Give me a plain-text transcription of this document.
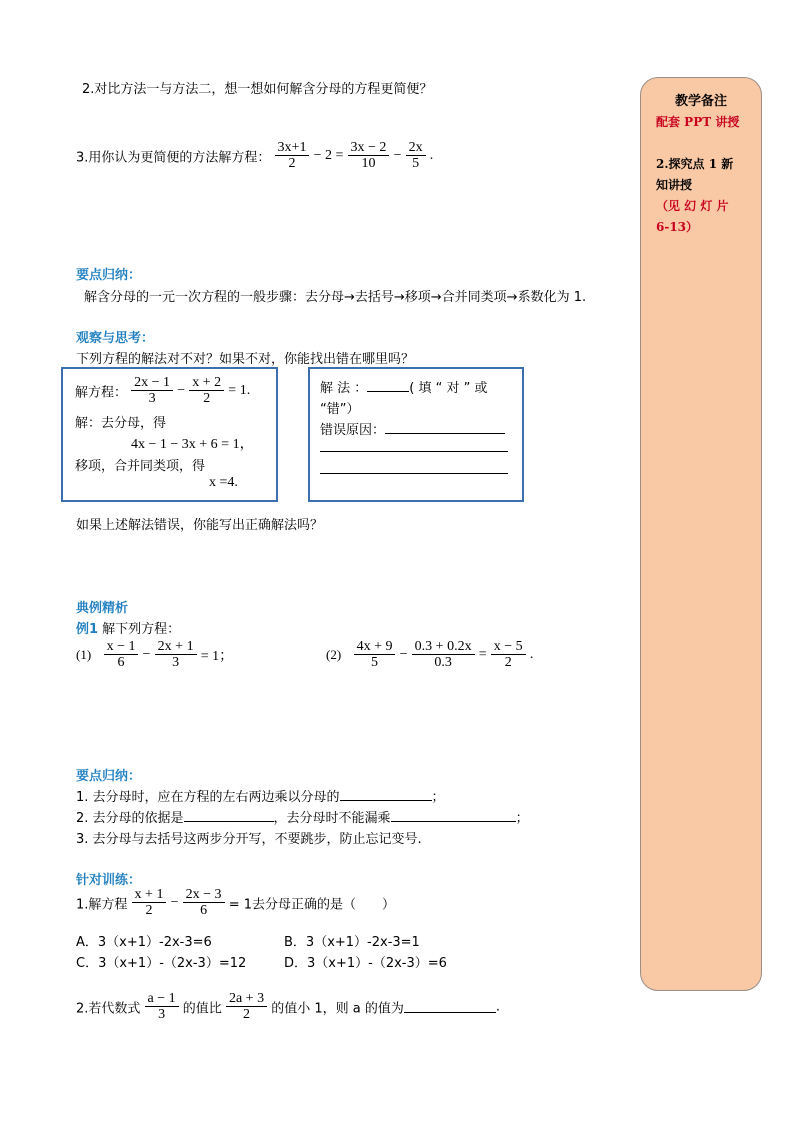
2.对比方法一与方法二，想一想如何解含分母的方程更简便？
3.用你认为更简便的方法解方程： $\frac{3x+1}{2} - 2 = \frac{3x - 2}{10} - \frac{2x}{5}$ .
要点归纳：
解含分母的一元一次方程的一般步骤：去分母→去括号→移项→合并同类项→系数化为 1.
观察与思考：
下列方程的解法对不对？如果不对，你能找出错在哪里吗？
解方程： $\frac{2x - 1}{3} - \frac{x + 2}{2} = 1$.
解：去分母，得
4x − 1 − 3x + 6 = 1，
移项，合并同类项，得
x =4.
解 法 ：	( 填 “ 对 ” 或
“错”）
错误原因：
如果上述解法错误，你能写出正确解法吗？
典例精析
例1 解下列方程：
$(1) \frac{x - 1}{6} - \frac{2x + 1}{3} = 1$；	$(2) \frac{4x + 9}{5} - \frac{0.3 + 0.2x}{0.3} = \frac{x - 5}{2}$ .
要点归纳：
1. 去分母时，应在方程的左右两边乘以分母的	；
2. 去分母的依据是	，去分母时不能漏乘	；
3. 去分母与去括号这两步分开写，不要跳步，防止忘记变号.
针对训练：
1.解方程 $\frac{x + 1}{2} - \frac{2x - 3}{6} = 1$去分母正确的是（　　）
A．3（x+1）-2x-3=6	B．3（x+1）-2x-3=1
C．3（x+1）-（2x-3）=12	D．3（x+1）-（2x-3）=6
2.若代数式 $\frac{a - 1}{3}$ 的值比 $\frac{2a + 3}{2}$ 的值小 1，则 a 的值为	.
教学备注
配套 PPT 讲授
2.探究点 1 新
知讲授
（见 幻 灯 片
6-13）
